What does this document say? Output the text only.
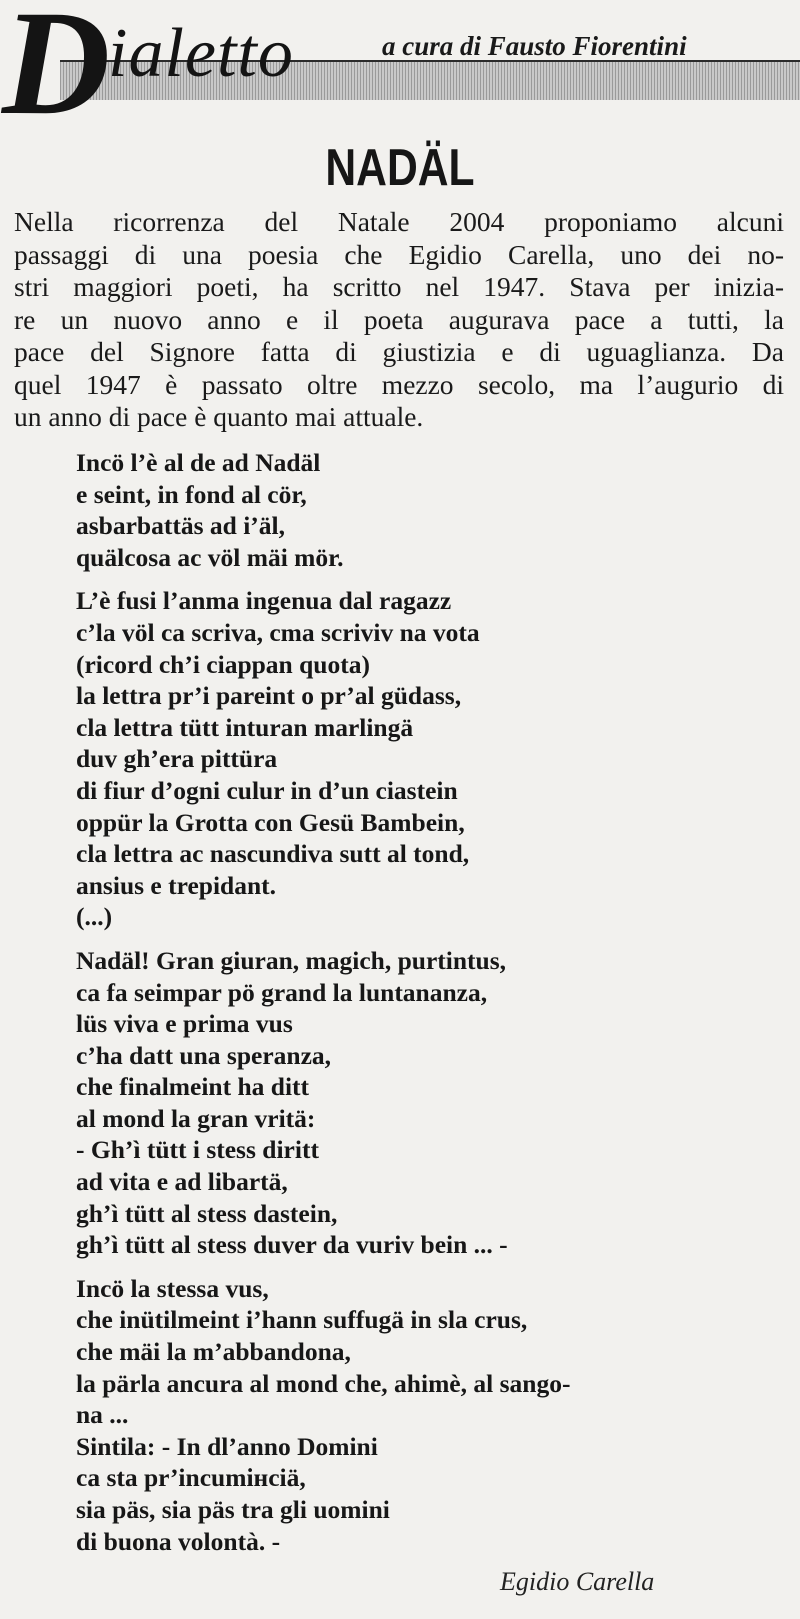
D ialetto	a cura di Fausto Fiorentini
NADÄL
Nella ricorrenza del Natale 2004 proponiamo alcuni
passaggi di una poesia che Egidio Carella, uno dei no-
stri maggiori poeti, ha scritto nel 1947. Stava per inizia-
re un nuovo anno e il poeta augurava pace a tutti, la
pace del Signore fatta di giustizia e di uguaglianza. Da
quel 1947 è passato oltre mezzo secolo, ma l’augurio di
un anno di pace è quanto mai attuale.
Incö l’è al de ad Nadäl
e seint, in fond al cör,
asbarbattäs ad i’äl,
quälcosa ac völ mäi mör.
L’è fusi l’anma ingenua dal ragazz
c’la völ ca scriva, cma scriviv na vota
(ricord ch’i ciappan quota)
la lettra pr’i pareint o pr’al güdass,
cla lettra tütt inturan marlingä
duv gh’era pittüra
di fiur d’ogni culur in d’un ciastein
oppür la Grotta con Gesü Bambein,
cla lettra ac nascundiva sutt al tond,
ansius e trepidant.
(...)
Nadäl! Gran giuran, magich, purtintus,
ca fa seimpar pö grand la luntananza,
lüs viva e prima vus
c’ha datt una speranza,
che finalmeint ha ditt
al mond la gran vritä:
- Gh’ì tütt i stess diritt
ad vita e ad libartä,
gh’ì tütt al stess dastein,
gh’ì tütt al stess duver da vuriv bein ... -
Incö la stessa vus,
che inütilmeint i’hann suffugä in sla crus,
che mäi la m’abbandona,
la pärla ancura al mond che, ahimè, al sango-
na ...
Sintila: - In dl’anno Domini
ca sta pr’incumінciä,
sia päs, sia päs tra gli uomini
di buona volontà. -
Egidio Carella
